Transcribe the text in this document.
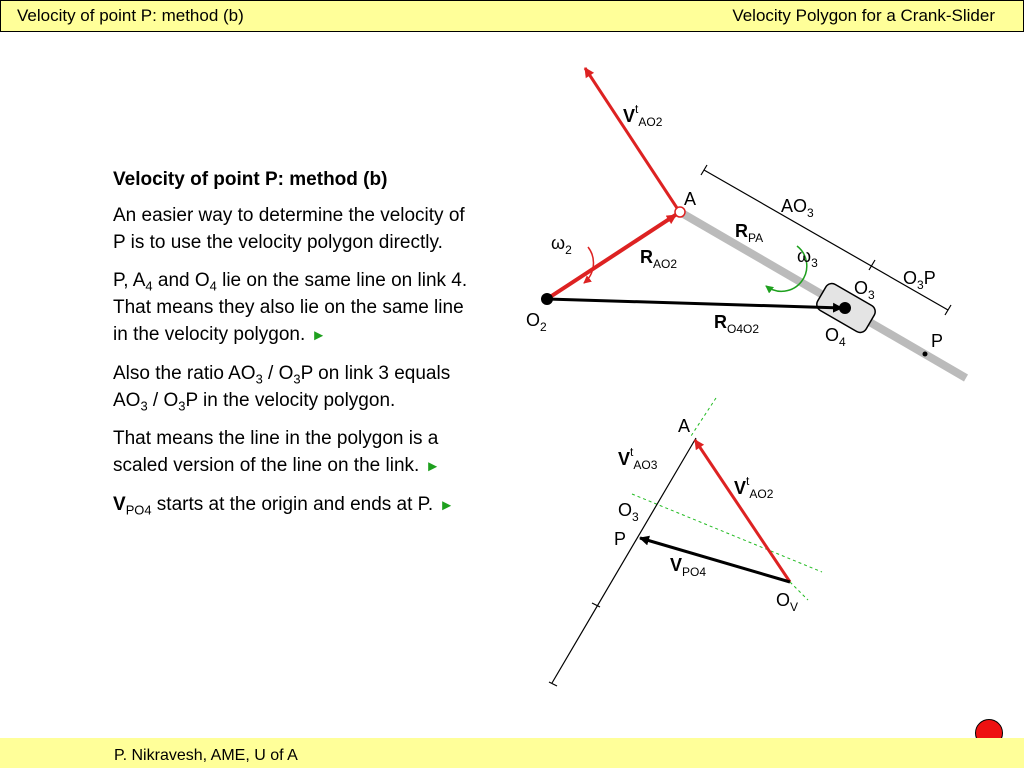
Velocity of point P: method (b)	Velocity Polygon for a Crank-Slider

Velocity of point P: method (b)

An easier way to determine the velocity of P is to use the velocity polygon directly.

P, $A_4$ and $O_4$ lie on the same line on link 4. That means they also lie on the same line in the velocity polygon. ►

Also the ratio $AO_3 / O_3P$ on link 3 equals $AO_3 / O_3P$ in the velocity polygon.

That means the line in the polygon is a scaled version of the line on the link. ►

$V_{PO4}$ starts at the origin and ends at P. ►

A
$O_2$
$O_3$
$O_4$	P
$AO_3$
$O_3P$
$\omega_2$	$\omega_3$
$R_{AO2}$
$R_{PA}$
$R_{O4O2}$
$V^t_{AO2}$
A
$O_3$
P
$O_V$
$V^t_{AO3}$
$V^t_{AO2}$
$V_{PO4}$
P. Nikravesh, AME, U of A
